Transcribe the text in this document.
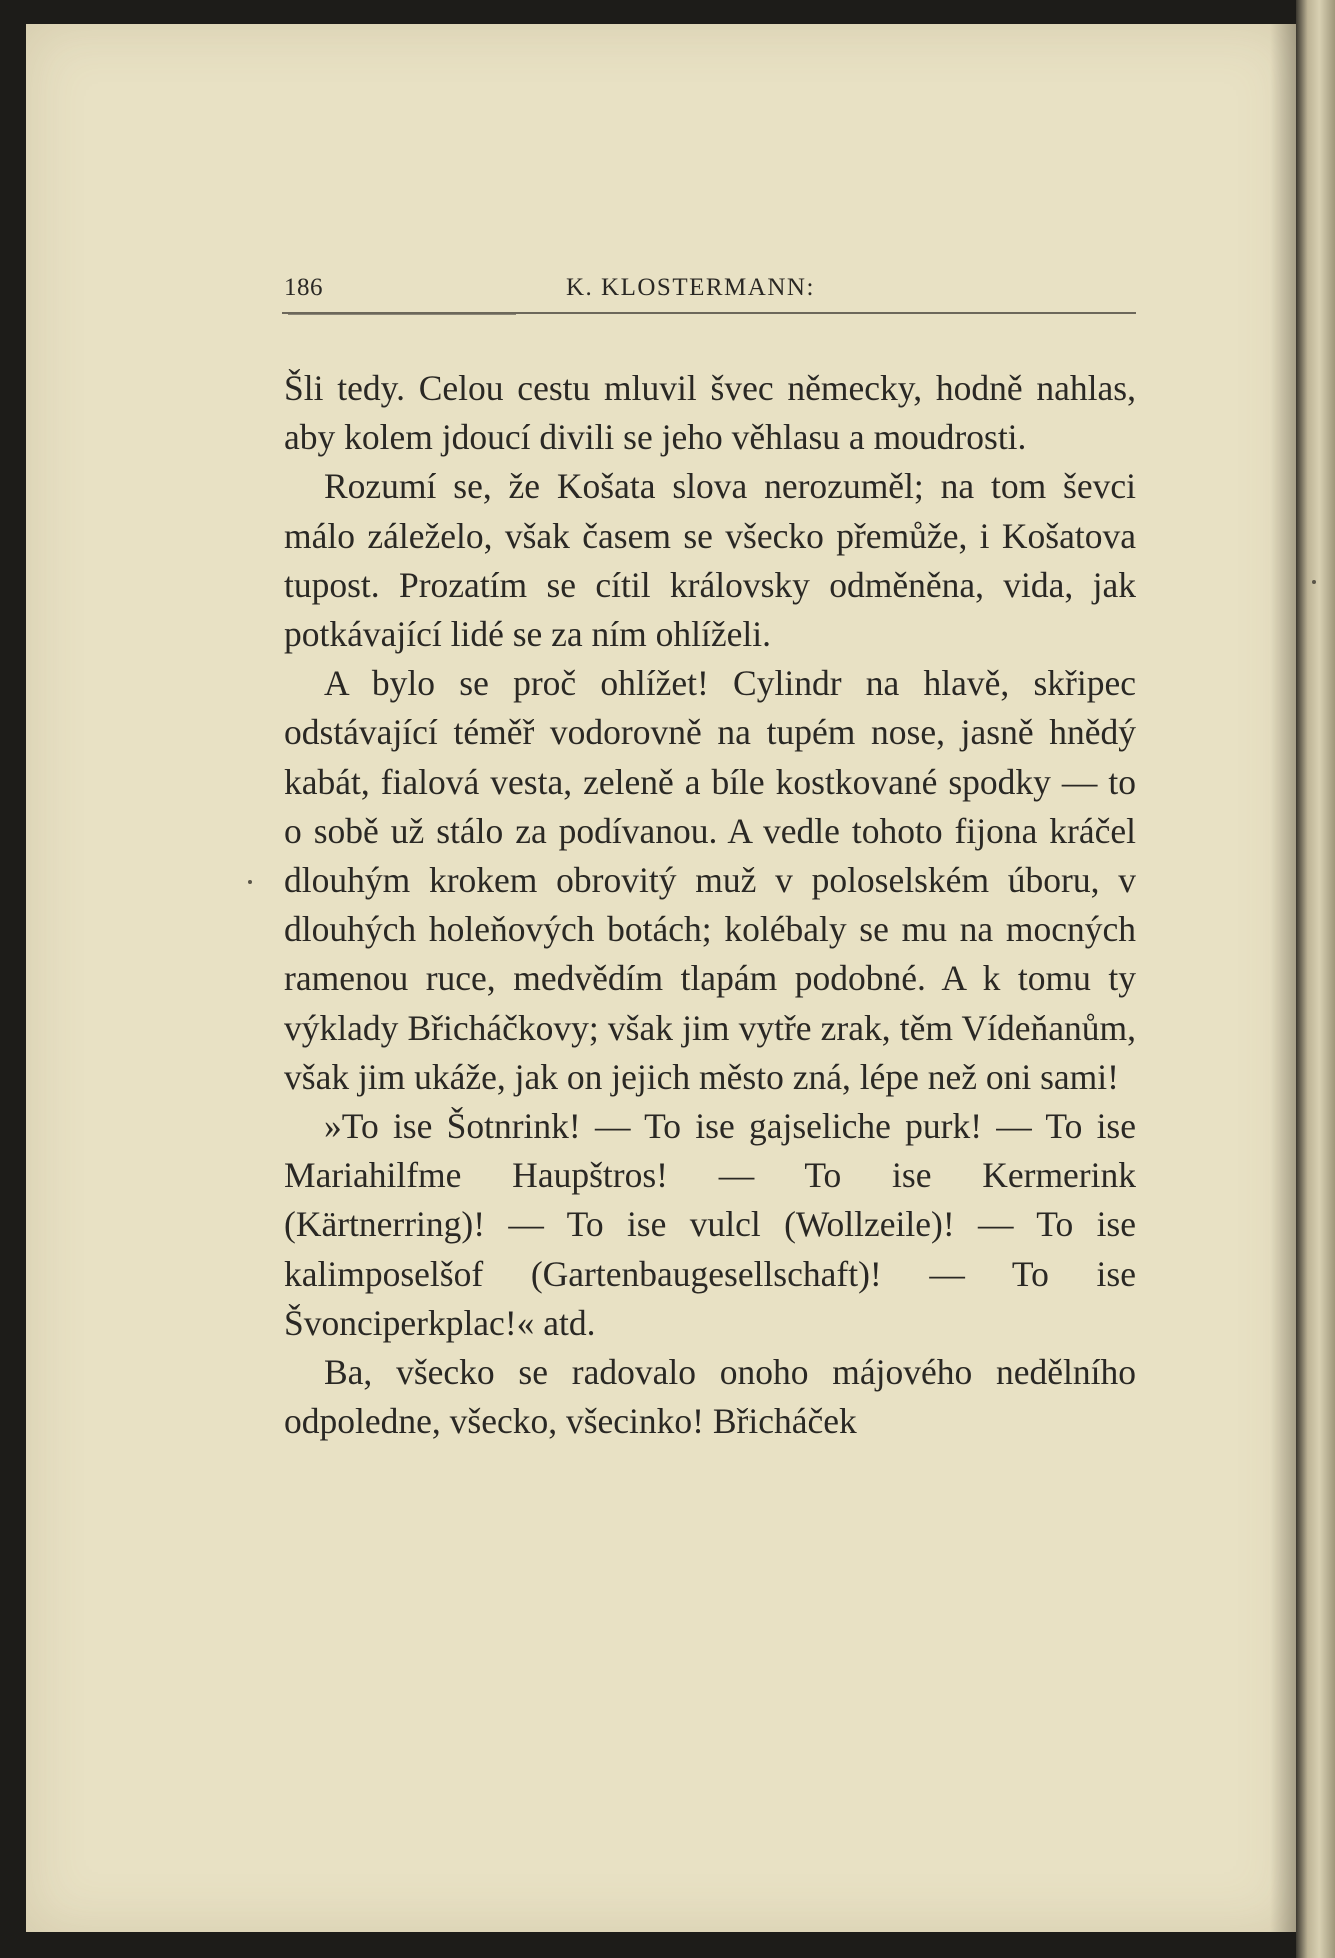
186	K. KLOSTERMANN:

Šli tedy. Celou cestu mluvil švec německy, hodně nahlas, aby kolem jdoucí divili se jeho věhlasu a moudrosti.

Rozumí se, že Košata slova nerozuměl; na tom ševci málo záleželo, však časem se všecko přemůže, i Košatova tupost. Prozatím se cítil královsky odměněna, vida, jak potkávající lidé se za ním ohlíželi.

A bylo se proč ohlížet! Cylindr na hlavě, skřipec odstávající téměř vodorovně na tupém nose, jasně hnědý kabát, fialová vesta, zeleně a bíle kostkované spodky — to o sobě už stálo za podívanou. A vedle tohoto fijona kráčel dlouhým krokem obrovitý muž v poloselském úboru, v dlouhých holeňových botách; kolébaly se mu na mocných ramenou ruce, medvědím tlapám podobné. A k tomu ty výklady Břicháčkovy; však jim vytře zrak, těm Vídeňanům, však jim ukáže, jak on jejich město zná, lépe než oni sami!

»To ise Šotnrink! — To ise gajseliche purk! — To ise Mariahilfme Haupštros! — To ise Kermerink (Kärtnerring)! — To ise vulcl (Wollzeile)! — To ise kalimposelšof (Gartenbaugesellschaft)! — To ise Švonciperkplac!« atd.

Ba, všecko se radovalo onoho májového nedělního odpoledne, všecko, všecinko! Břicháček
